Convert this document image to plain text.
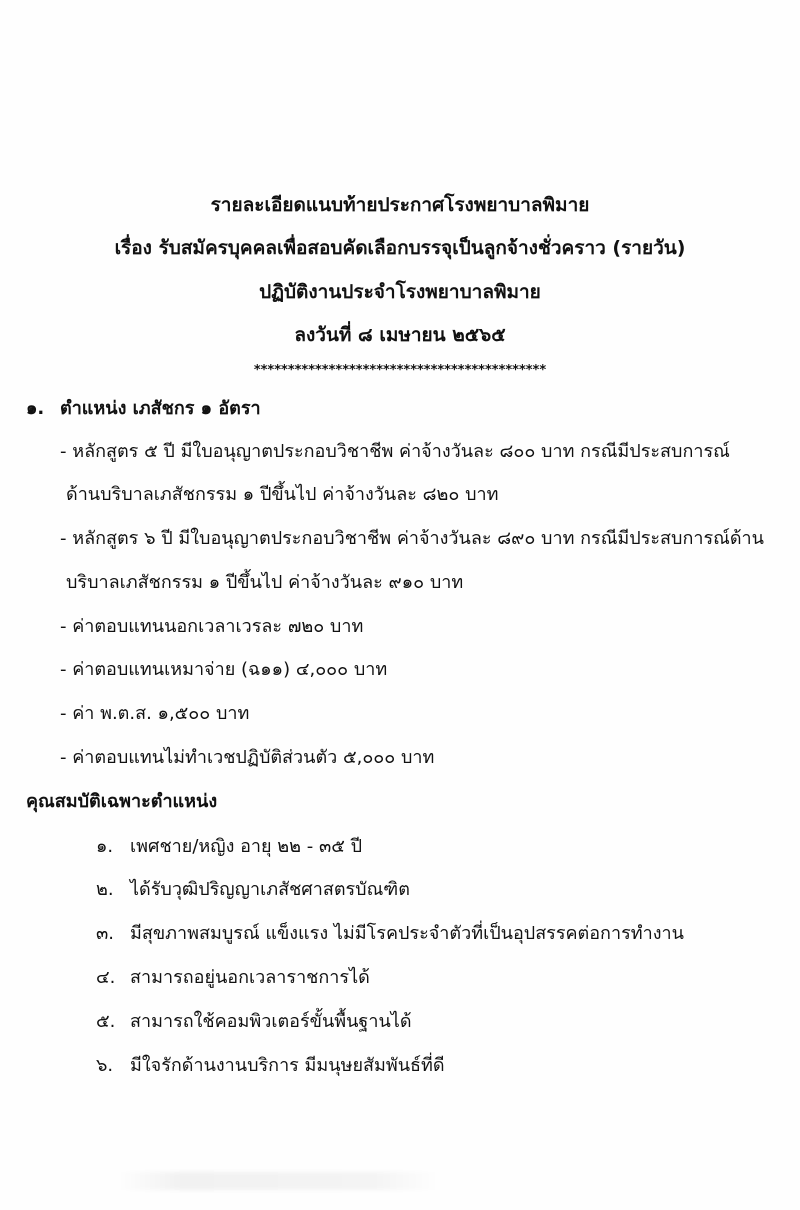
รายละเอียดแนบท้ายประกาศโรงพยาบาลพิมาย
เรื่อง รับสมัครบุคคลเพื่อสอบคัดเลือกบรรจุเป็นลูกจ้างชั่วคราว (รายวัน)
ปฏิบัติงานประจำโรงพยาบาลพิมาย
ลงวันที่ ๘ เมษายน ๒๕๖๕
*******************************************
๑. ตำแหน่ง เภสัชกร ๑ อัตรา
- หลักสูตร ๕ ปี มีใบอนุญาตประกอบวิชาชีพ ค่าจ้างวันละ ๘๐๐ บาท กรณีมีประสบการณ์
ด้านบริบาลเภสัชกรรม ๑ ปีขึ้นไป ค่าจ้างวันละ ๘๒๐ บาท
- หลักสูตร ๖ ปี มีใบอนุญาตประกอบวิชาชีพ ค่าจ้างวันละ ๘๙๐ บาท กรณีมีประสบการณ์ด้าน
บริบาลเภสัชกรรม ๑ ปีขึ้นไป ค่าจ้างวันละ ๙๑๐ บาท
- ค่าตอบแทนนอกเวลาเวรละ ๗๒๐ บาท
- ค่าตอบแทนเหมาจ่าย (ฉ๑๑) ๔,๐๐๐ บาท
- ค่า พ.ต.ส. ๑,๕๐๐ บาท
- ค่าตอบแทนไม่ทำเวชปฏิบัติส่วนตัว ๕,๐๐๐ บาท
คุณสมบัติเฉพาะตำแหน่ง
๑. เพศชาย/หญิง อายุ ๒๒ - ๓๕ ปี
๒. ได้รับวุฒิปริญญาเภสัชศาสตรบัณฑิต
๓. มีสุขภาพสมบูรณ์ แข็งแรง ไม่มีโรคประจำตัวที่เป็นอุปสรรคต่อการทำงาน
๔. สามารถอยู่นอกเวลาราชการได้
๕. สามารถใช้คอมพิวเตอร์ขั้นพื้นฐานได้
๖. มีใจรักด้านงานบริการ มีมนุษยสัมพันธ์ที่ดี
